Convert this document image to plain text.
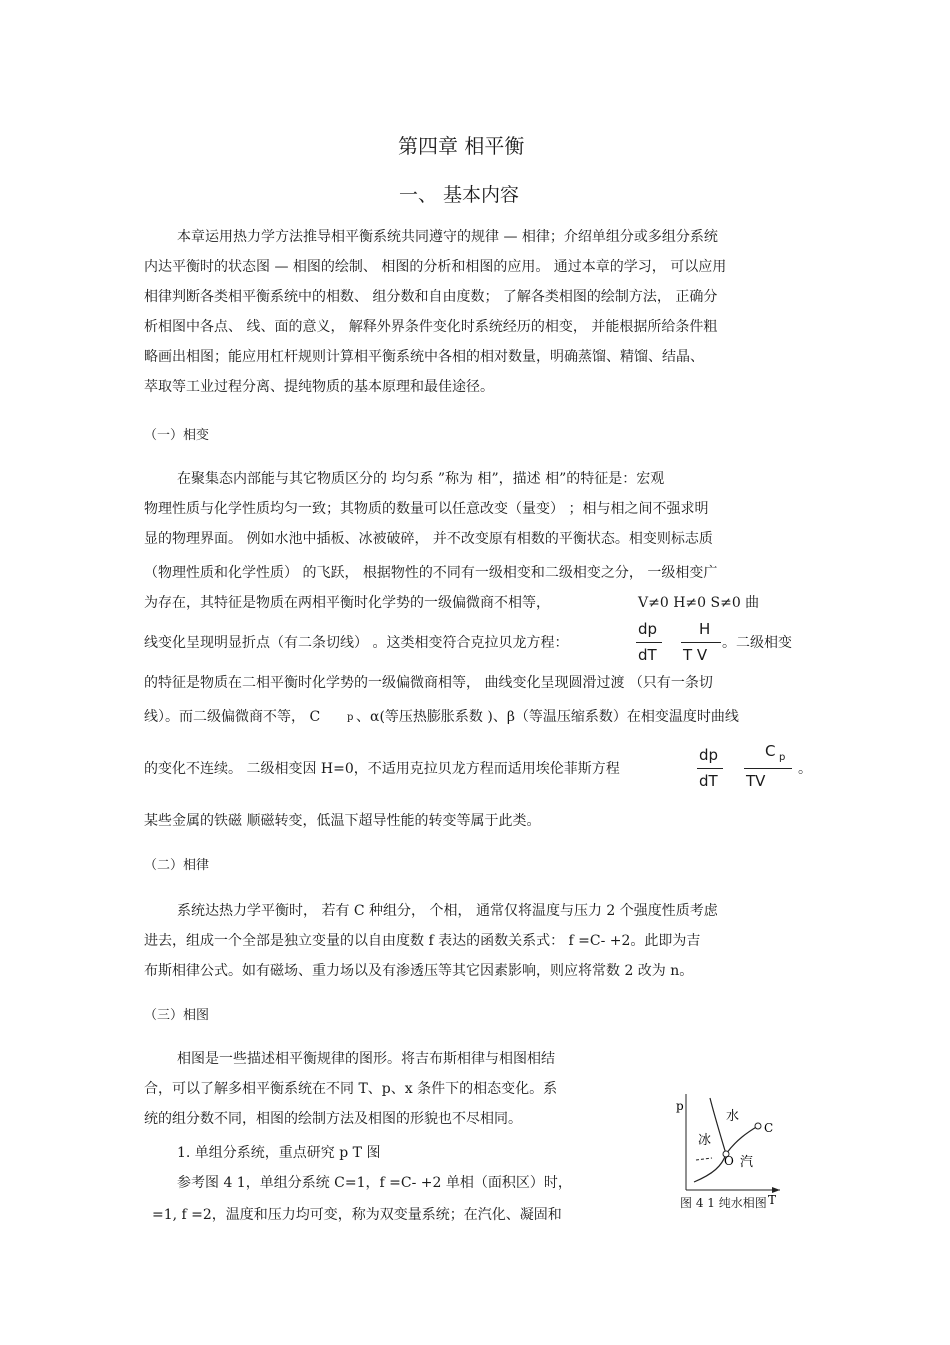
第四章 相平衡
一、 基本内容
本章运用热力学方法推导相平衡系统共同遵守的规律 — 相律；介绍单组分或多组分系统
内达平衡时的状态图 — 相图的绘制、 相图的分析和相图的应用。 通过本章的学习， 可以应用
相律判断各类相平衡系统中的相数、 组分数和自由度数； 了解各类相图的绘制方法， 正确分
析相图中各点、 线、面的意义， 解释外界条件变化时系统经历的相变， 并能根据所给条件粗
略画出相图；能应用杠杆规则计算相平衡系统中各相的相对数量，明确蒸馏、精馏、结晶、
萃取等工业过程分离、提纯物质的基本原理和最佳途径。
（一）相变
在聚集态内部能与其它物质区分的 均匀系 ”称为 相”，描述 相”的特征是：宏观
物理性质与化学性质均匀一致；其物质的数量可以任意改变（量变） ；相与相之间不强求明
显的物理界面。 例如水池中插板、冰被破碎， 并不改变原有相数的平衡状态。相变则标志质
（物理性质和化学性质） 的飞跃， 根据物性的不同有一级相变和二级相变之分， 一级相变广
为存在，其特征是物质在两相平衡时化学势的一级偏微商不相等，	V≠0 H≠0 S≠0 曲
线变化呈现明显折点（有二条切线） 。这类相变符合克拉贝龙方程：
dp
dT
H
T V
。二级相变
的特征是物质在二相平衡时化学势的一级偏微商相等， 曲线变化呈现圆滑过渡 （只有一条切
线）。而二级偏微商不等， C	p 、α(等压热膨胀系数 )、β（等温压缩系数）在相变温度时曲线
的变化不连续。 二级相变因 H=0，不适用克拉贝龙方程而适用埃伦菲斯方程
dp
dT
C p
TV
。
某些金属的铁磁 顺磁转变，低温下超导性能的转变等属于此类。
（二）相律
系统达热力学平衡时， 若有 C 种组分， 个相， 通常仅将温度与压力 2 个强度性质考虑
进去，组成一个全部是独立变量的以自由度数 f 表达的函数关系式： f =C- +2。此即为吉
布斯相律公式。如有磁场、重力场以及有渗透压等其它因素影响，则应将常数 2 改为 n。
（三）相图
相图是一些描述相平衡规律的图形。将吉布斯相律与相图相结
合，可以了解多相平衡系统在不同 T、p、x 条件下的相态变化。系
统的组分数不同，相图的绘制方法及相图的形貌也不尽相同。
1. 单组分系统，重点研究 p T 图
参考图 4 1，单组分系统 C=1，f =C- +2 单相（面积区）时，
=1, f =2，温度和压力均可变，称为双变量系统；在汽化、凝固和
p
T
水
冰
汽
O
C
图 4 1 纯水相图
